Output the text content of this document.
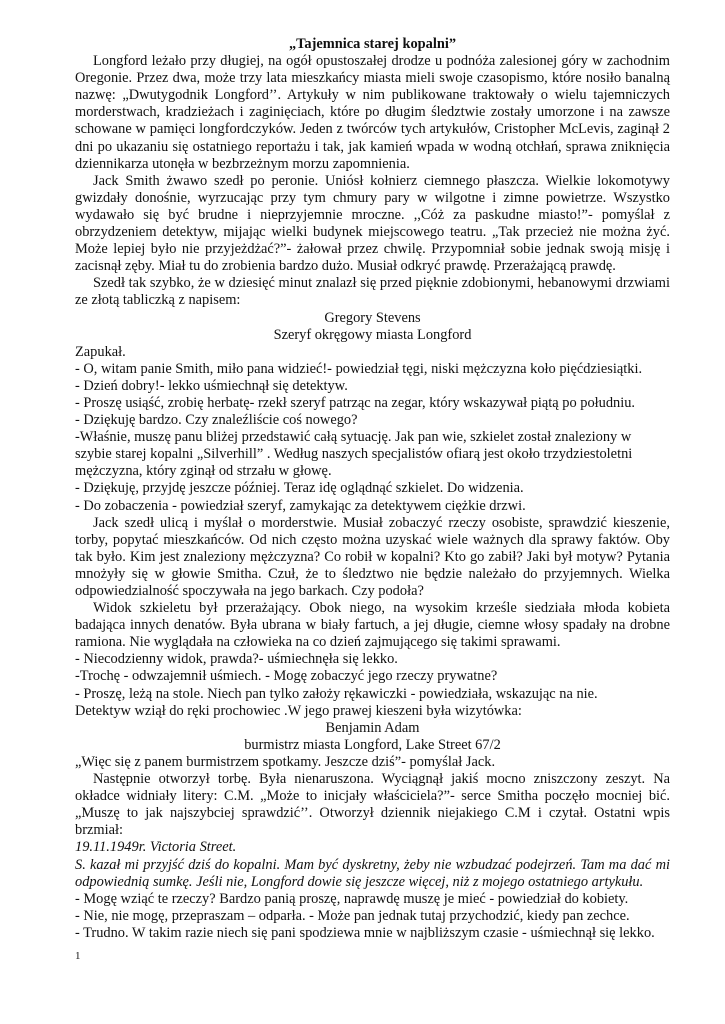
„Tajemnica starej kopalni”

Longford leżało przy długiej, na ogół opustoszałej drodze u podnóża zalesionej góry w zachodnim Oregonie. Przez dwa, może trzy lata mieszkańcy miasta mieli swoje czasopismo, które nosiło banalną nazwę: „Dwutygodnik Longford’’. Artykuły w nim publikowane traktowały o wielu tajemniczych morderstwach, kradzieżach i zaginięciach, które po długim śledztwie zostały umorzone i na zawsze schowane w pamięci longfordczyków. Jeden z twórców tych artykułów, Cristopher McLevis, zaginął 2 dni po ukazaniu się ostatniego reportażu i tak, jak kamień wpada w wodną otchłań, sprawa zniknięcia dziennikarza utonęła w bezbrzeżnym morzu zapomnienia.

Jack Smith żwawo szedł po peronie. Uniósł kołnierz ciemnego płaszcza. Wielkie lokomotywy gwizdały donośnie, wyrzucając przy tym chmury pary w wilgotne i zimne powietrze. Wszystko wydawało się być brudne i nieprzyjemnie mroczne. ,,Cóż za paskudne miasto!”- pomyślał z obrzydzeniem detektyw, mijając wielki budynek miejscowego teatru. „Tak przecież nie można żyć. Może lepiej było nie przyjeżdżać?”- żałował przez chwilę. Przypomniał sobie jednak swoją misję i zacisnął zęby. Miał tu do zrobienia bardzo dużo. Musiał odkryć prawdę. Przerażającą prawdę.

Szedł tak szybko, że w dziesięć minut znalazł się przed pięknie zdobionymi, hebanowymi drzwiami ze złotą tabliczką z napisem:

Gregory Stevens

Szeryf okręgowy miasta Longford

Zapukał.

- O, witam panie Smith, miło pana widzieć!- powiedział tęgi, niski mężczyzna koło pięćdziesiątki.

- Dzień dobry!- lekko uśmiechnął się detektyw.

- Proszę usiąść, zrobię herbatę- rzekł szeryf patrząc na zegar, który wskazywał piątą po południu.

- Dziękuję bardzo. Czy znaleźliście coś nowego?

-Właśnie, muszę panu bliżej przedstawić całą sytuację. Jak pan wie, szkielet został znaleziony w szybie starej kopalni „Silverhill” . Według naszych specjalistów ofiarą jest około trzydziestoletni mężczyzna, który zginął od strzału w głowę.

- Dziękuję, przyjdę jeszcze później. Teraz idę oglądnąć szkielet. Do widzenia.

- Do zobaczenia - powiedział szeryf, zamykając za detektywem ciężkie drzwi.

Jack szedł ulicą i myślał o morderstwie. Musiał zobaczyć rzeczy osobiste, sprawdzić kieszenie, torby, popytać mieszkańców. Od nich często można uzyskać wiele ważnych dla sprawy faktów. Oby tak było. Kim jest znaleziony mężczyzna? Co robił w kopalni? Kto go zabił? Jaki był motyw? Pytania mnożyły się w głowie Smitha. Czuł, że to śledztwo nie będzie należało do przyjemnych. Wielka odpowiedzialność spoczywała na jego barkach. Czy podoła?

Widok szkieletu był przerażający. Obok niego, na wysokim krześle siedziała młoda kobieta badająca innych denatów. Była ubrana w biały fartuch, a jej długie, ciemne włosy spadały na drobne ramiona. Nie wyglądała na człowieka na co dzień zajmującego się takimi sprawami.

- Niecodzienny widok, prawda?- uśmiechnęła się lekko.

-Trochę - odwzajemnił uśmiech. - Mogę zobaczyć jego rzeczy prywatne?

- Proszę, leżą na stole. Niech pan tylko założy rękawiczki - powiedziała, wskazując na nie.

Detektyw wziął do ręki prochowiec .W jego prawej kieszeni była wizytówka:

Benjamin Adam

burmistrz miasta Longford, Lake Street 67/2

„Więc się z panem burmistrzem spotkamy. Jeszcze dziś”- pomyślał Jack.

Następnie otworzył torbę. Była nienaruszona. Wyciągnął jakiś mocno zniszczony zeszyt. Na okładce widniały litery: C.M. „Może to inicjały właściciela?”- serce Smitha poczęło mocniej bić. „Muszę to jak najszybciej sprawdzić’’. Otworzył dziennik niejakiego C.M i czytał. Ostatni wpis brzmiał:

19.11.1949r. Victoria Street.

S. kazał mi przyjść dziś do kopalni. Mam być dyskretny, żeby nie wzbudzać podejrzeń. Tam ma dać mi odpowiednią sumkę. Jeśli nie, Longford dowie się jeszcze więcej, niż z mojego ostatniego artykułu.

- Mogę wziąć te rzeczy? Bardzo panią proszę, naprawdę muszę je mieć - powiedział do kobiety.

- Nie, nie mogę, przepraszam – odparła. - Może pan jednak tutaj przychodzić, kiedy pan zechce.

- Trudno. W takim razie niech się pani spodziewa mnie w najbliższym czasie - uśmiechnął się lekko.

1
